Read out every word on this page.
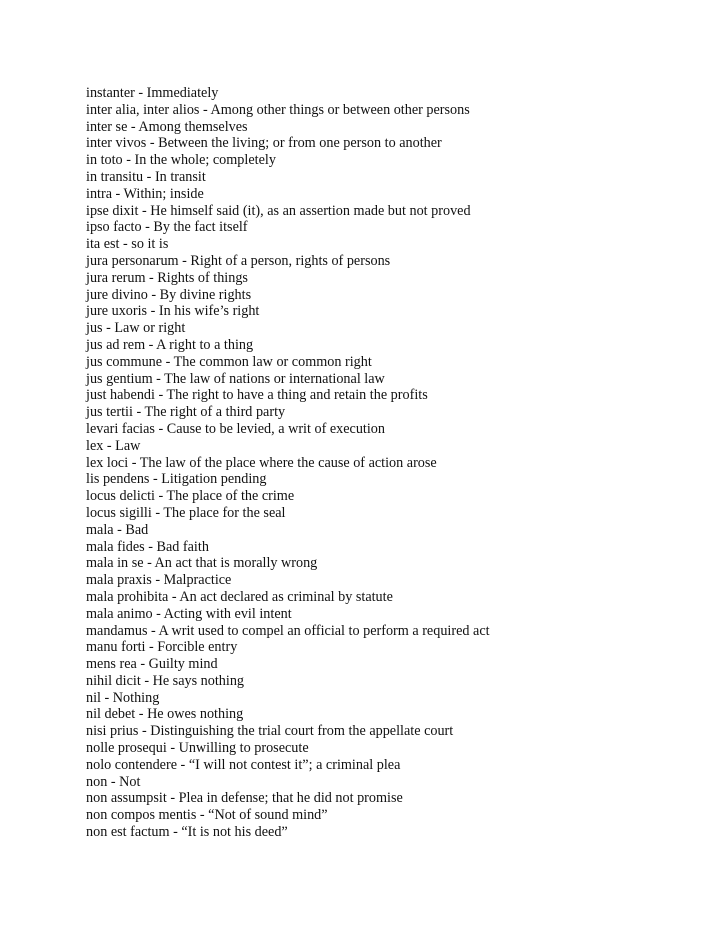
instanter - Immediately
inter alia, inter alios - Among other things or between other persons
inter se - Among themselves
inter vivos - Between the living; or from one person to another
in toto - In the whole; completely
in transitu - In transit
intra - Within; inside
ipse dixit - He himself said (it), as an assertion made but not proved
ipso facto - By the fact itself
ita est - so it is
jura personarum - Right of a person, rights of persons
jura rerum - Rights of things
jure divino - By divine rights
jure uxoris - In his wife’s right
jus - Law or right
jus ad rem - A right to a thing
jus commune - The common law or common right
jus gentium - The law of nations or international law
just habendi - The right to have a thing and retain the profits
jus tertii - The right of a third party
levari facias - Cause to be levied, a writ of execution
lex - Law
lex loci - The law of the place where the cause of action arose
lis pendens - Litigation pending
locus delicti - The place of the crime
locus sigilli - The place for the seal
mala - Bad
mala fides - Bad faith
mala in se - An act that is morally wrong
mala praxis - Malpractice
mala prohibita - An act declared as criminal by statute
mala animo - Acting with evil intent
mandamus - A writ used to compel an official to perform a required act
manu forti - Forcible entry
mens rea - Guilty mind
nihil dicit - He says nothing
nil - Nothing
nil debet - He owes nothing
nisi prius - Distinguishing the trial court from the appellate court
nolle prosequi - Unwilling to prosecute
nolo contendere - “I will not contest it”; a criminal plea
non - Not
non assumpsit - Plea in defense; that he did not promise
non compos mentis - “Not of sound mind”
non est factum - “It is not his deed”
